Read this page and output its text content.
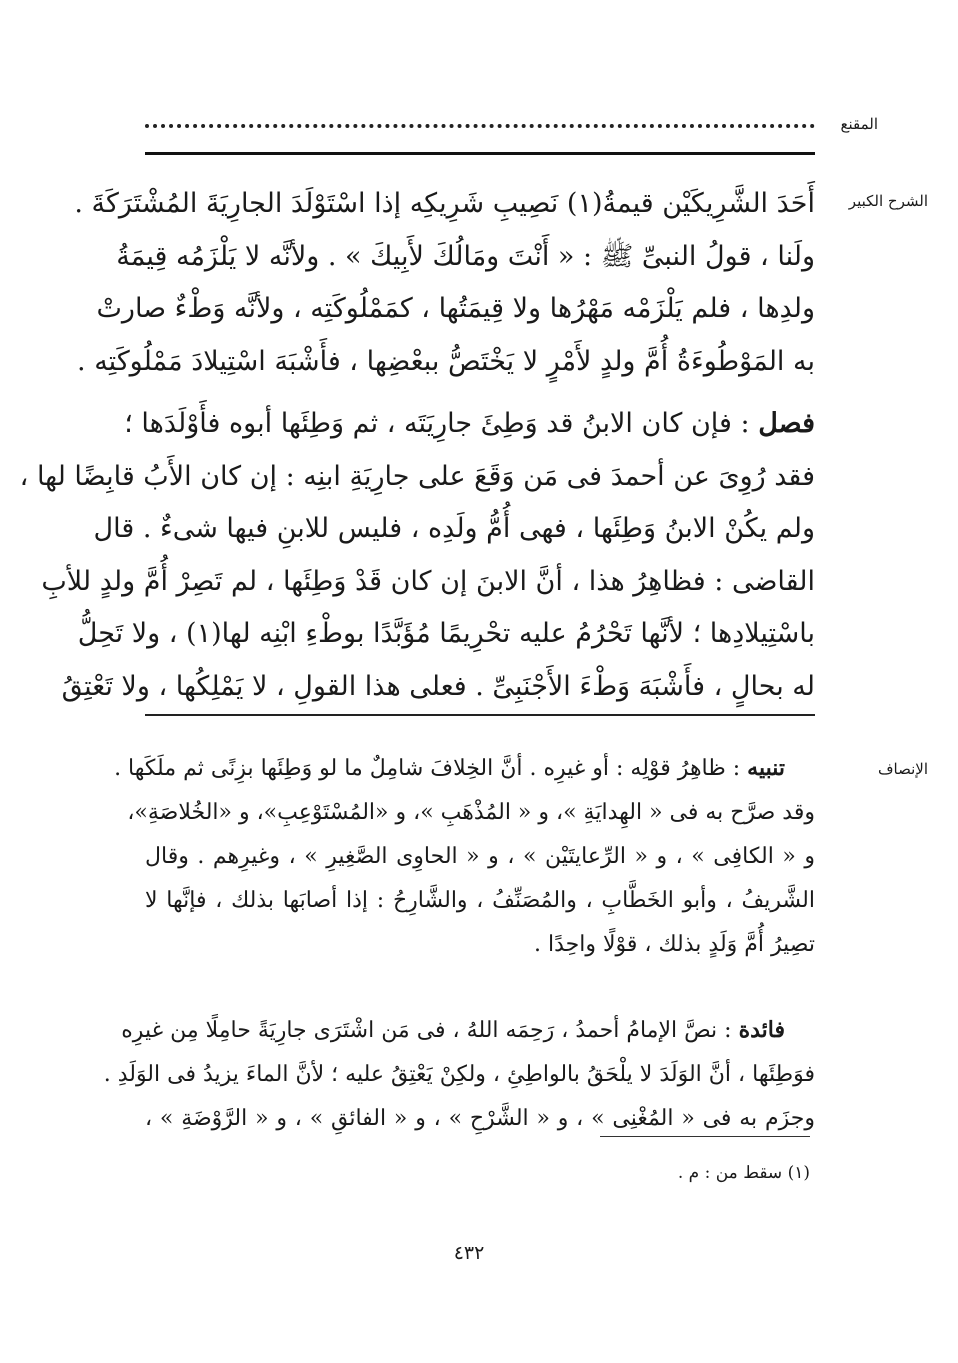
المقنع
الشرح الكبير
أَحَدَ الشَّرِيكَيْن قيمةُ(١) نَصِيبِ شَرِيكِه إذا اسْتَوْلَدَ الجارِيَةَ المُشْتَرَكَةَ .
ولَنا ، قولُ النبىِّ ﷺ : « أَنْتَ ومَالُكَ لأَبِيكَ » . ولأنَّه لا يَلْزَمُه قِيمَةُ
ولدِها ، فلم يَلْزَمْه مَهْرُها ولا قِيمَتُها ، كمَمْلُوكَتِه ، ولأنَّه وَطْءٌ صارتْ
به المَوْطُوءَةُ أُمَّ ولدٍ لأَمْرٍ لا يَخْتَصُّ ببعْضِها ، فأَشْبَهَ اسْتِيلادَ مَمْلُوكَتِه .
فصل : فإن كان الابنُ قد وَطِئَ جارِيَتَه ، ثم وَطِئَها أبوه فأَوْلَدَها ؛
فقد رُوِىَ عن أحمدَ فى مَن وَقَعَ على جارِيَةِ ابنِه : إن كان الأَبُ قابِضًا لها ،
ولم يكُنْ الابنُ وَطِئَها ، فهى أُمُّ ولَدِه ، فليس للابنِ فيها شىءٌ . قال
القاضى : فظاهِرُ هذا ، أنَّ الابنَ إن كان قَدْ وَطِئَها ، لم تَصِرْ أُمَّ ولدٍ للأبِ
باسْتِيلادِها ؛ لأنَّها تَحْرُمُ عليه تحْرِيمًا مُؤَبَّدًا بوطْءِ ابْنِه لها(١) ، ولا تَحِلُّ
له بحالٍ ، فأَشْبَهَ وَطْءَ الأَجْنَبِىِّ . فعلى هذا القولِ ، لا يَمْلِكُها ، ولا تَعْتِقُ
الإنصاف
تنبيه : ظاهِرُ قوْلِه : أو غيرِه . أنَّ الخِلافَ شامِلٌ ما لو وَطِئَها بزِنًى ثم ملَكَها .
وقد صرَّح به فى « الهِدايَةِ »، و « المُذْهَبِ »، و «المُسْتَوْعِبِ»، و «الخُلاصَةِ»،
و « الكافِى » ، و « الرِّعايتَيْن » ، و « الحاوِى الصَّغِيرِ » ، وغيرِهم . وقال
الشَّريفُ ، وأبو الخَطَّابِ ، والمُصَنِّفُ ، والشَّارِحُ : إذا أصابَها بذلك ، فإنَّها لا
تصِيرُ أُمَّ وَلَدٍ بذلك ، قوْلًا واحِدًا .
فائدة : نصَّ الإمامُ أحمدُ ، رَحِمَه اللهُ ، فى مَن اشْتَرَى جارِيَةً حامِلًا مِن غيرِه
فوَطِئَها ، أنَّ الوَلَدَ لا يلْحَقُ بالواطِئِ ، ولكِنْ يَعْتِقُ عليه ؛ لأنَّ الماءَ يزيدُ فى الوَلَدِ .
وجزَم به فى « المُغْنِى » ، و « الشَّرْحِ » ، و « الفائقِ » ، و « الرَّوْضَةِ » ،
(١) سقط من : م .
٤٣٢
